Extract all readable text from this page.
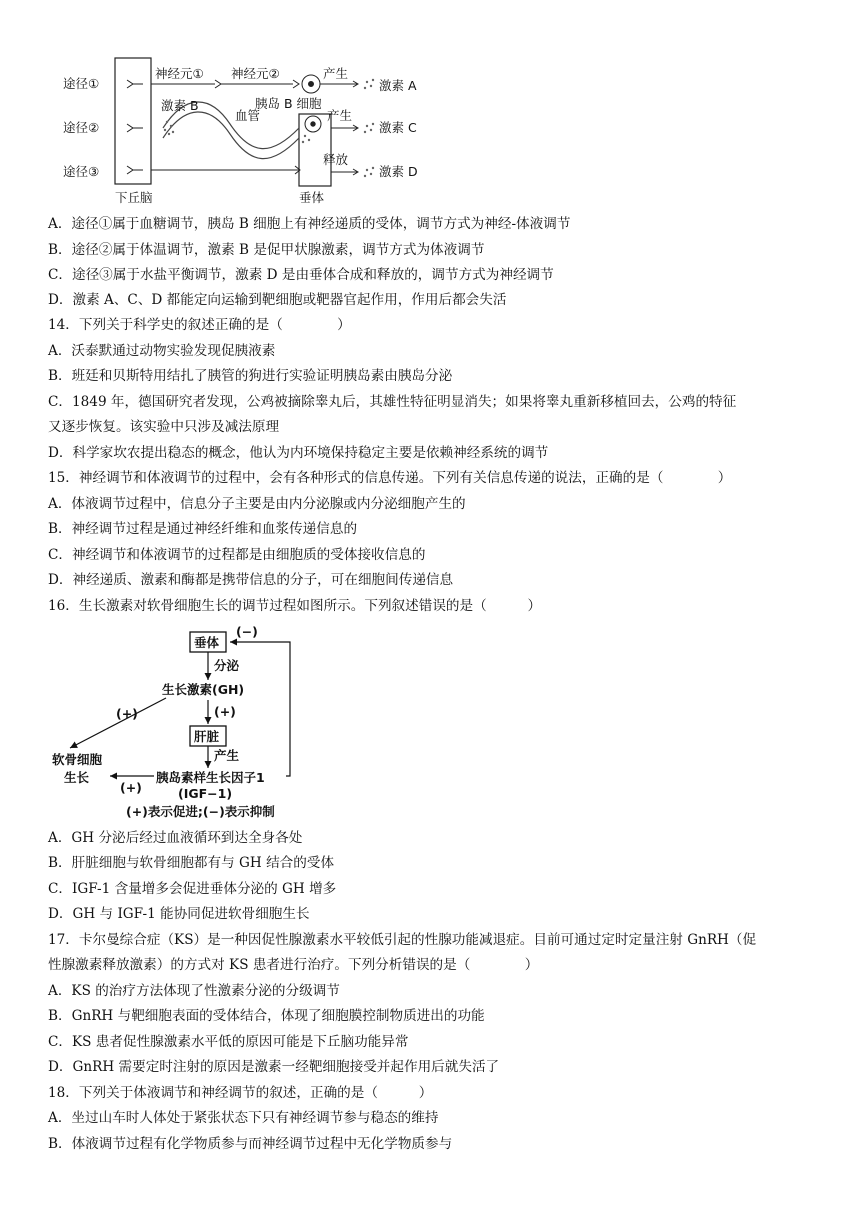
途径①
途径②
途径③
下丘脑	垂体
神经元① 神经元②	产生
激素 A
激素 B
血管
胰岛 B 细胞
产生
激素 C
释放
激素 D
A．途径①属于血糖调节，胰岛 B 细胞上有神经递质的受体，调节方式为神经-体液调节
B．途径②属于体温调节，激素 B 是促甲状腺激素，调节方式为体液调节
C．途径③属于水盐平衡调节，激素 D 是由垂体合成和释放的，调节方式为神经调节
D．激素 A、C、D 都能定向运输到靶细胞或靶器官起作用，作用后都会失活
14．下列关于科学史的叙述正确的是（　　　　）
A．沃泰默通过动物实验发现促胰液素
B．班廷和贝斯特用结扎了胰管的狗进行实验证明胰岛素由胰岛分泌
C．1849 年，德国研究者发现，公鸡被摘除睾丸后，其雄性特征明显消失；如果将睾丸重新移植回去，公鸡的特征
又逐步恢复。该实验中只涉及减法原理
D．科学家坎农提出稳态的概念，他认为内环境保持稳定主要是依赖神经系统的调节
15．神经调节和体液调节的过程中，会有各种形式的信息传递。下列有关信息传递的说法，正确的是（　　　　）
A．体液调节过程中，信息分子主要是由内分泌腺或内分泌细胞产生的
B．神经调节过程是通过神经纤维和血浆传递信息的
C．神经调节和体液调节的过程都是由细胞质的受体接收信息的
D．神经递质、激素和酶都是携带信息的分子，可在细胞间传递信息
16．生长激素对软骨细胞生长的调节过程如图所示。下列叙述错误的是（　　　）
垂体
(−)
分泌
生长激素(GH)
(+)
(+)
肝脏
产生
软骨细胞
生长
(+)
胰岛素样生长因子1
(IGF−1)
(+)表示促进;(−)表示抑制
A．GH 分泌后经过血液循环到达全身各处
B．肝脏细胞与软骨细胞都有与 GH 结合的受体
C．IGF-1 含量增多会促进垂体分泌的 GH 增多
D．GH 与 IGF-1 能协同促进软骨细胞生长
17．卡尔曼综合症（KS）是一种因促性腺激素水平较低引起的性腺功能减退症。目前可通过定时定量注射 GnRH（促
性腺激素释放激素）的方式对 KS 患者进行治疗。下列分析错误的是（　　　　）
A．KS 的治疗方法体现了性激素分泌的分级调节
B．GnRH 与靶细胞表面的受体结合，体现了细胞膜控制物质进出的功能
C．KS 患者促性腺激素水平低的原因可能是下丘脑功能异常
D．GnRH 需要定时注射的原因是激素一经靶细胞接受并起作用后就失活了
18．下列关于体液调节和神经调节的叙述，正确的是（　　　）
A．坐过山车时人体处于紧张状态下只有神经调节参与稳态的维持
B．体液调节过程有化学物质参与而神经调节过程中无化学物质参与
